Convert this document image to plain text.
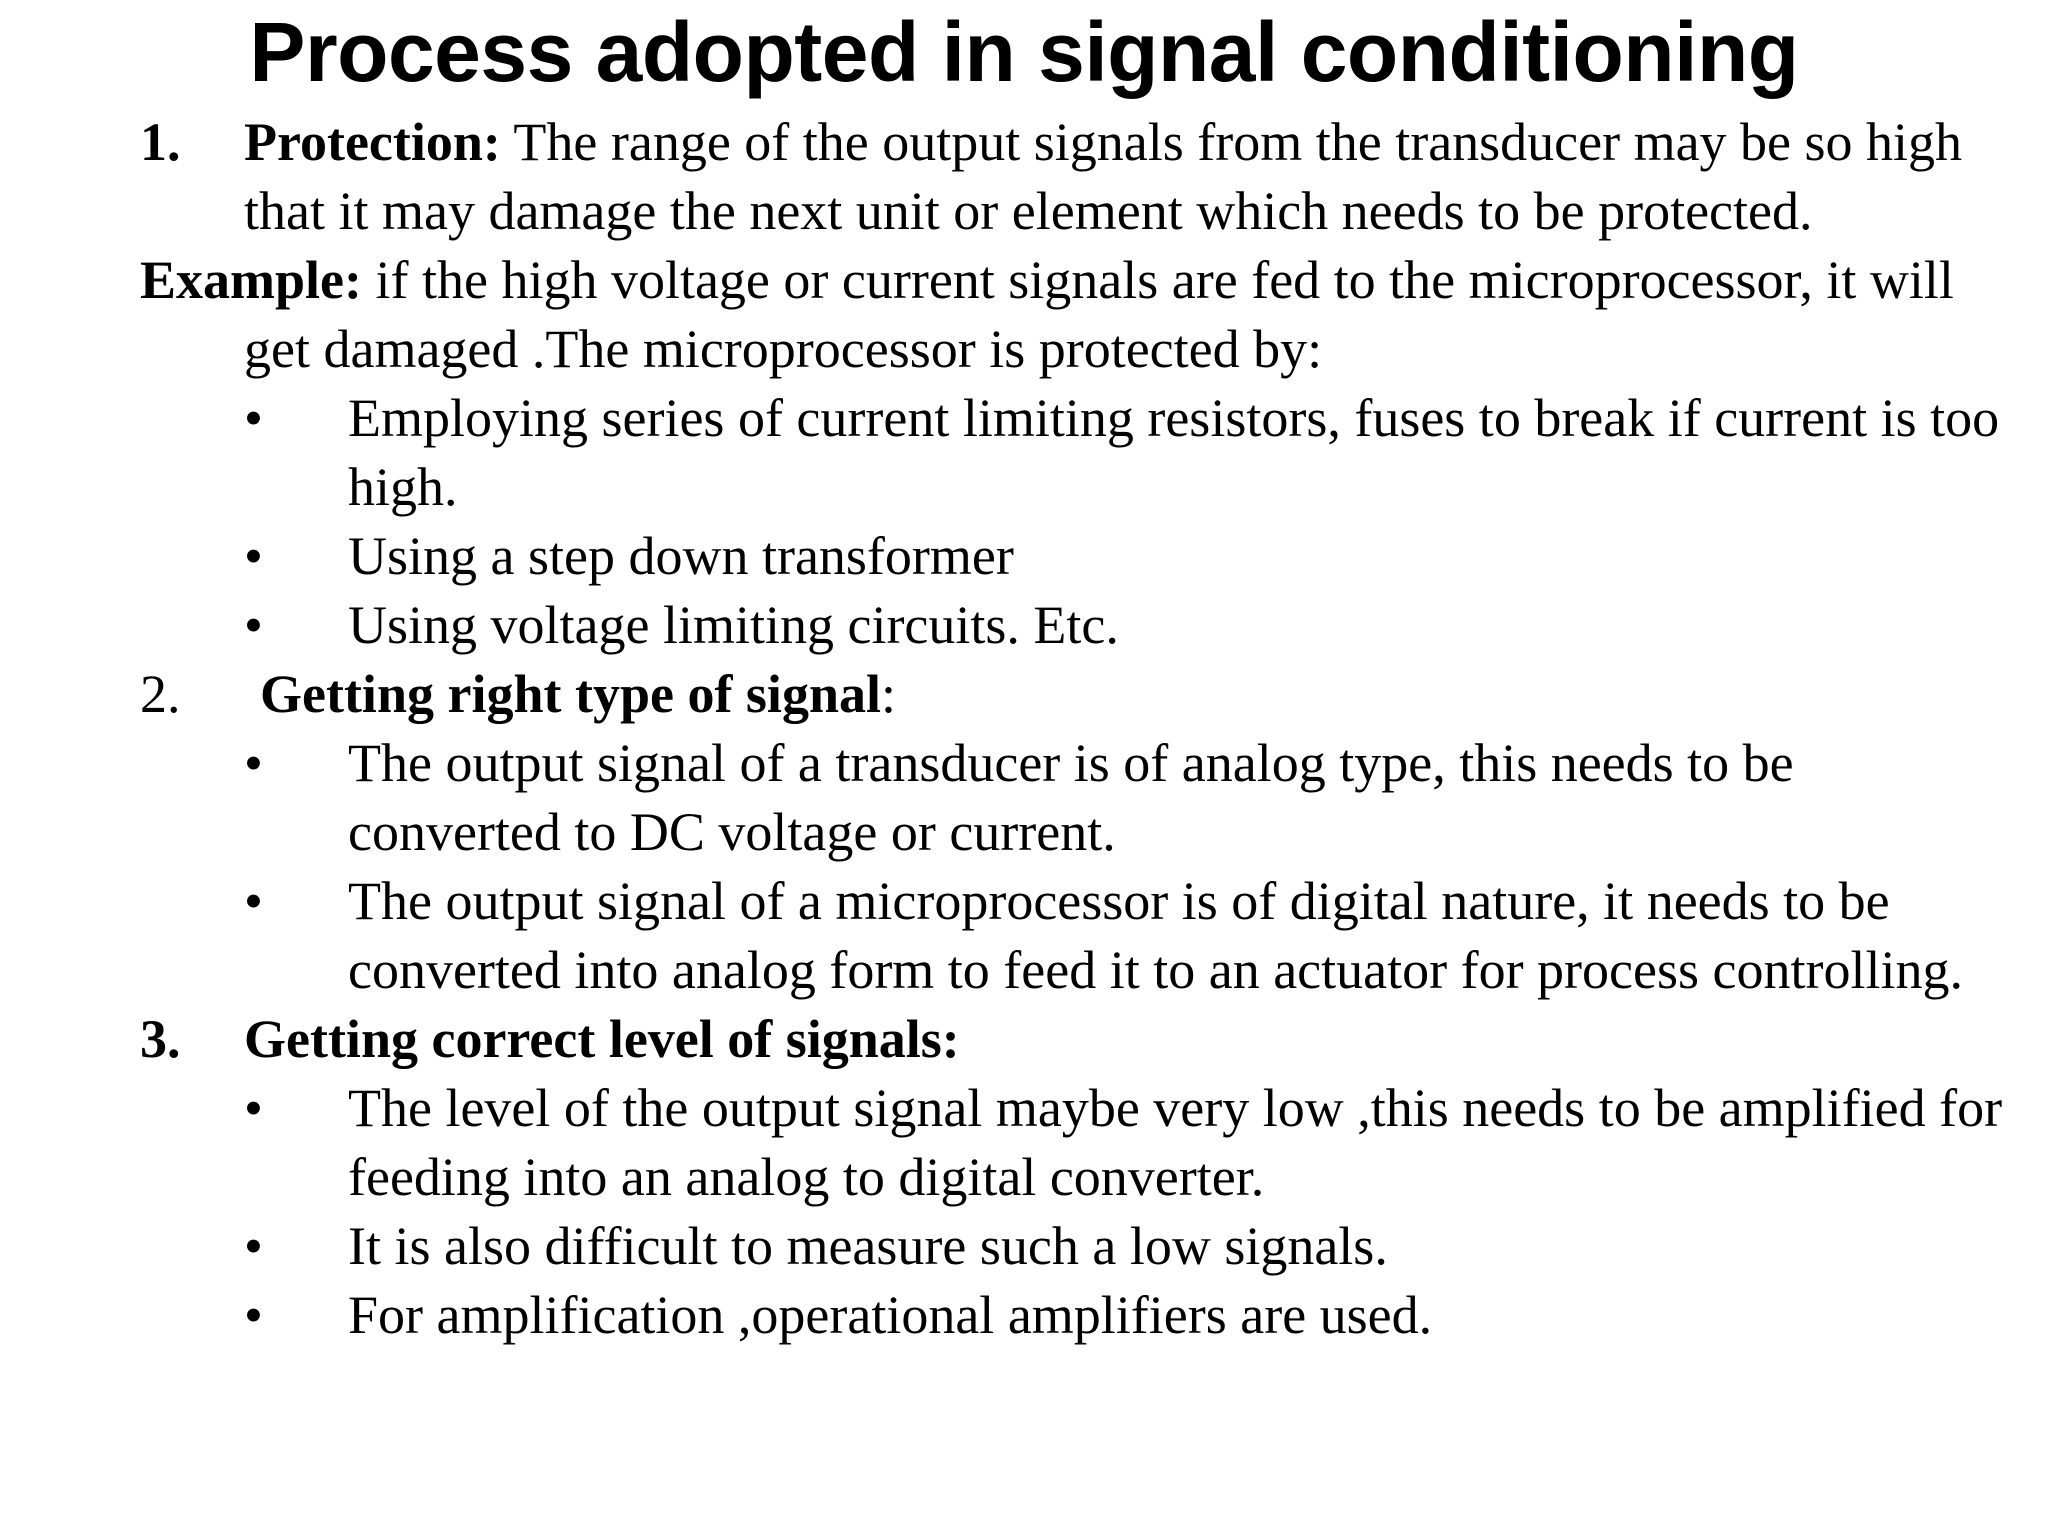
Process adopted in signal conditioning
1. Protection: The range of the output signals from the transducer may be so high that it may damage the next unit or element which needs to be protected.
Example: if the high voltage or current signals are fed to the microprocessor, it will get damaged .The microprocessor is protected by:
• Employing series of current limiting resistors, fuses to break if current is too high.
• Using a step down transformer
• Using voltage limiting circuits. Etc.
2. Getting right type of signal:
• The output signal of a transducer is of analog type, this needs to be converted to DC voltage or current.
• The output signal of a microprocessor is of digital nature, it needs to be converted into analog form to feed it to an actuator for process controlling.
3. Getting correct level of signals:
• The level of the output signal maybe very low ,this needs to be amplified for feeding into an analog to digital converter.
• It is also difficult to measure such a low signals.
• For amplification ,operational amplifiers are used.
